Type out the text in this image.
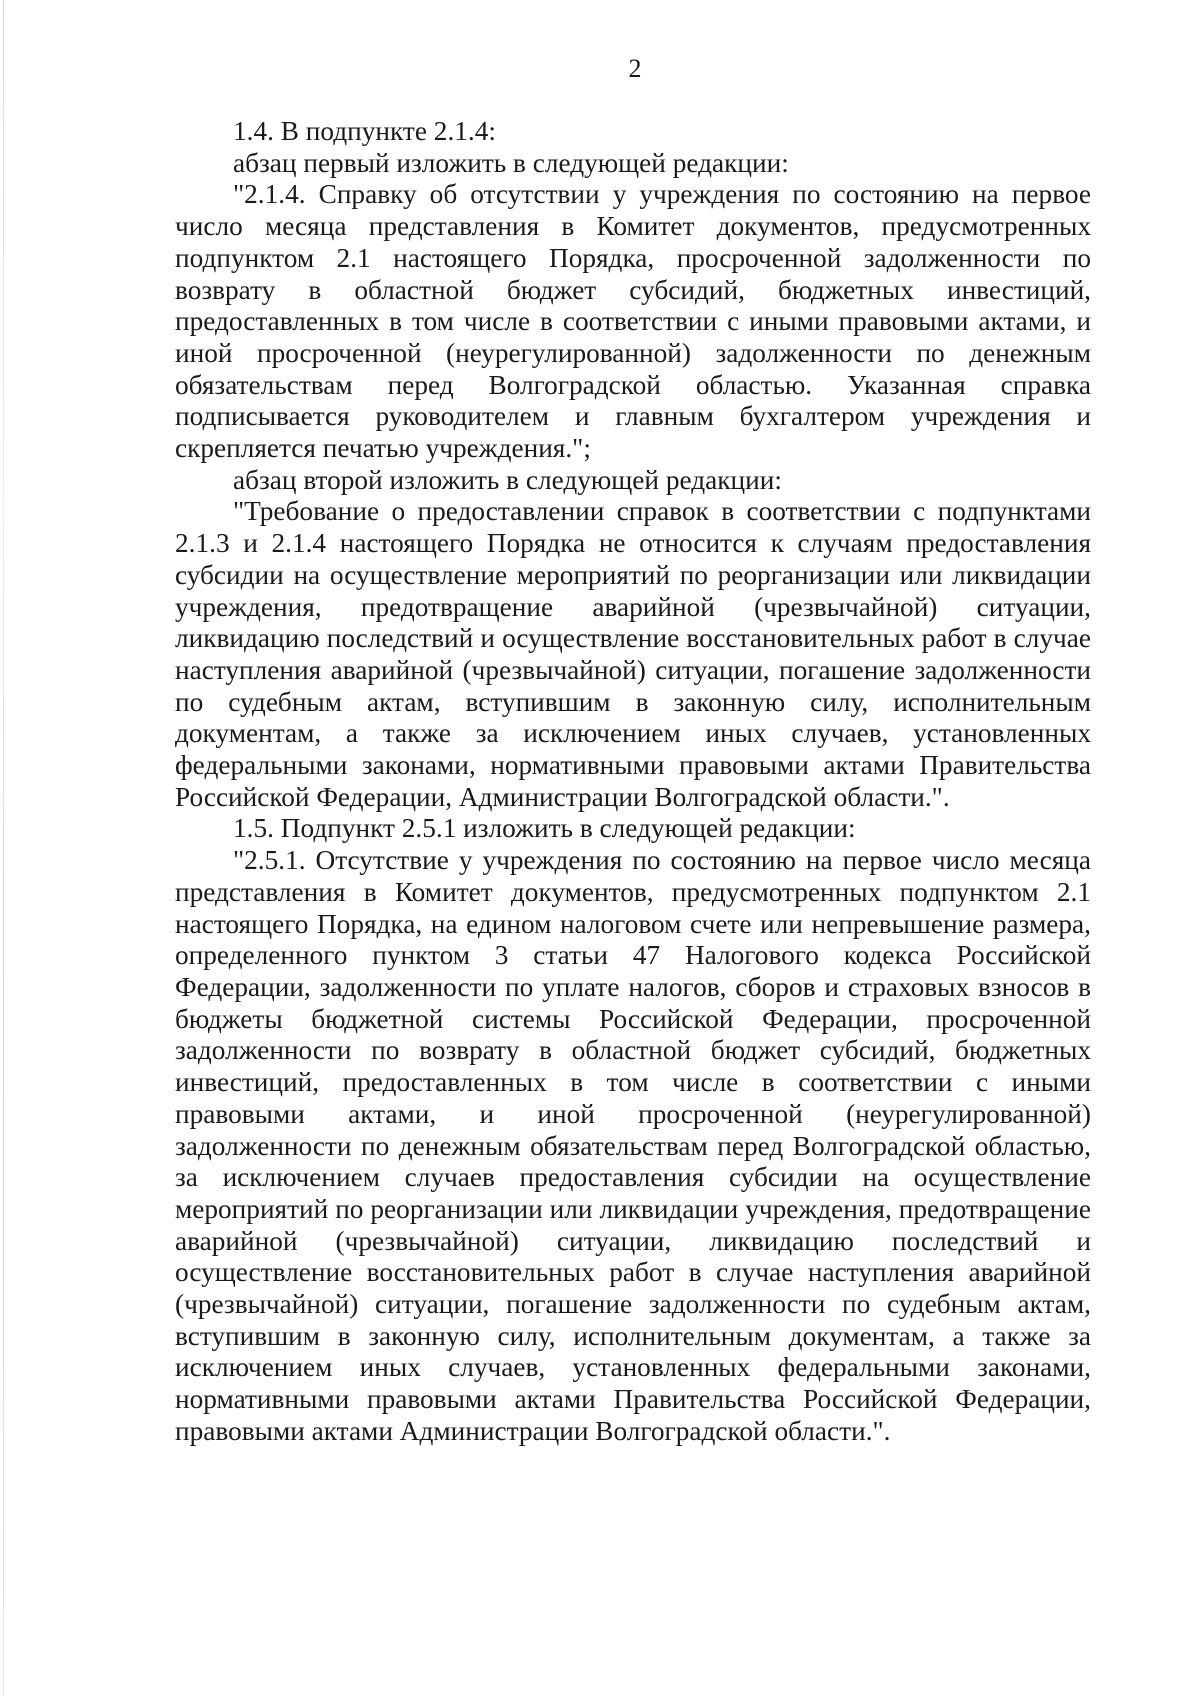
2

1.4. В подпункте 2.1.4:

абзац первый изложить в следующей редакции:

"2.1.4. Справку об отсутствии у учреждения по состоянию на первое число месяца представления в Комитет документов, предусмотренных подпунктом 2.1 настоящего Порядка, просроченной задолженности по возврату в областной бюджет субсидий, бюджетных инвестиций, предоставленных в том числе в соответствии с иными правовыми актами, и иной просроченной (неурегулированной) задолженности по денежным обязательствам перед Волгоградской областью. Указанная справка подписывается руководителем и главным бухгалтером учреждения и скрепляется печатью учреждения.";

абзац второй изложить в следующей редакции:

"Требование о предоставлении справок в соответствии с подпунктами 2.1.3 и 2.1.4 настоящего Порядка не относится к случаям предоставления субсидии на осуществление мероприятий по реорганизации или ликвидации учреждения, предотвращение аварийной (чрезвычайной) ситуации, ликвидацию последствий и осуществление восстановительных работ в случае наступления аварийной (чрезвычайной) ситуации, погашение задолженности по судебным актам, вступившим в законную силу, исполнительным документам, а также за исключением иных случаев, установленных федеральными законами, нормативными правовыми актами Правительства Российской Федерации, Администрации Волгоградской области.".

1.5. Подпункт 2.5.1 изложить в следующей редакции:

"2.5.1. Отсутствие у учреждения по состоянию на первое число месяца представления в Комитет документов, предусмотренных подпунктом 2.1 настоящего Порядка, на едином налоговом счете или непревышение размера, определенного пунктом 3 статьи 47 Налогового кодекса Российской Федерации, задолженности по уплате налогов, сборов и страховых взносов в бюджеты бюджетной системы Российской Федерации, просроченной задолженности по возврату в областной бюджет субсидий, бюджетных инвестиций, предоставленных в том числе в соответствии с иными правовыми актами, и иной просроченной (неурегулированной) задолженности по денежным обязательствам перед Волгоградской областью, за исключением случаев предоставления субсидии на осуществление мероприятий по реорганизации или ликвидации учреждения, предотвращение аварийной (чрезвычайной) ситуации, ликвидацию последствий и осуществление восстановительных работ в случае наступления аварийной (чрезвычайной) ситуации, погашение задолженности по судебным актам, вступившим в законную силу, исполнительным документам, а также за исключением иных случаев, установленных федеральными законами, нормативными правовыми актами Правительства Российской Федерации, правовыми актами Администрации Волгоградской области.".
